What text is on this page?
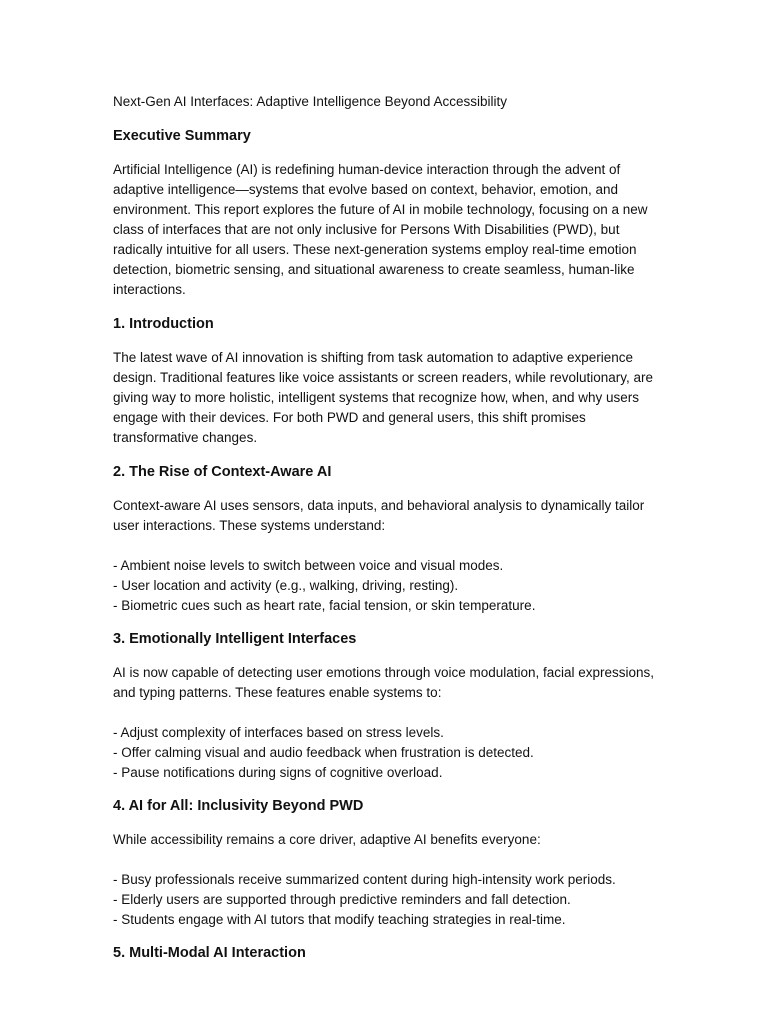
Next-Gen AI Interfaces: Adaptive Intelligence Beyond Accessibility
Executive Summary

Artificial Intelligence (AI) is redefining human-device interaction through the advent of adaptive intelligence—systems that evolve based on context, behavior, emotion, and environment. This report explores the future of AI in mobile technology, focusing on a new class of interfaces that are not only inclusive for Persons With Disabilities (PWD), but radically intuitive for all users. These next-generation systems employ real-time emotion detection, biometric sensing, and situational awareness to create seamless, human-like interactions.

1. Introduction

The latest wave of AI innovation is shifting from task automation to adaptive experience design. Traditional features like voice assistants or screen readers, while revolutionary, are giving way to more holistic, intelligent systems that recognize how, when, and why users engage with their devices. For both PWD and general users, this shift promises transformative changes.

2. The Rise of Context-Aware AI

Context-aware AI uses sensors, data inputs, and behavioral analysis to dynamically tailor user interactions. These systems understand:

- Ambient noise levels to switch between voice and visual modes.
- User location and activity (e.g., walking, driving, resting).
- Biometric cues such as heart rate, facial tension, or skin temperature.
3. Emotionally Intelligent Interfaces

AI is now capable of detecting user emotions through voice modulation, facial expressions, and typing patterns. These features enable systems to:

- Adjust complexity of interfaces based on stress levels.
- Offer calming visual and audio feedback when frustration is detected.
- Pause notifications during signs of cognitive overload.
4. AI for All: Inclusivity Beyond PWD

While accessibility remains a core driver, adaptive AI benefits everyone:

- Busy professionals receive summarized content during high-intensity work periods.
- Elderly users are supported through predictive reminders and fall detection.
- Students engage with AI tutors that modify teaching strategies in real-time.
5. Multi-Modal AI Interaction
